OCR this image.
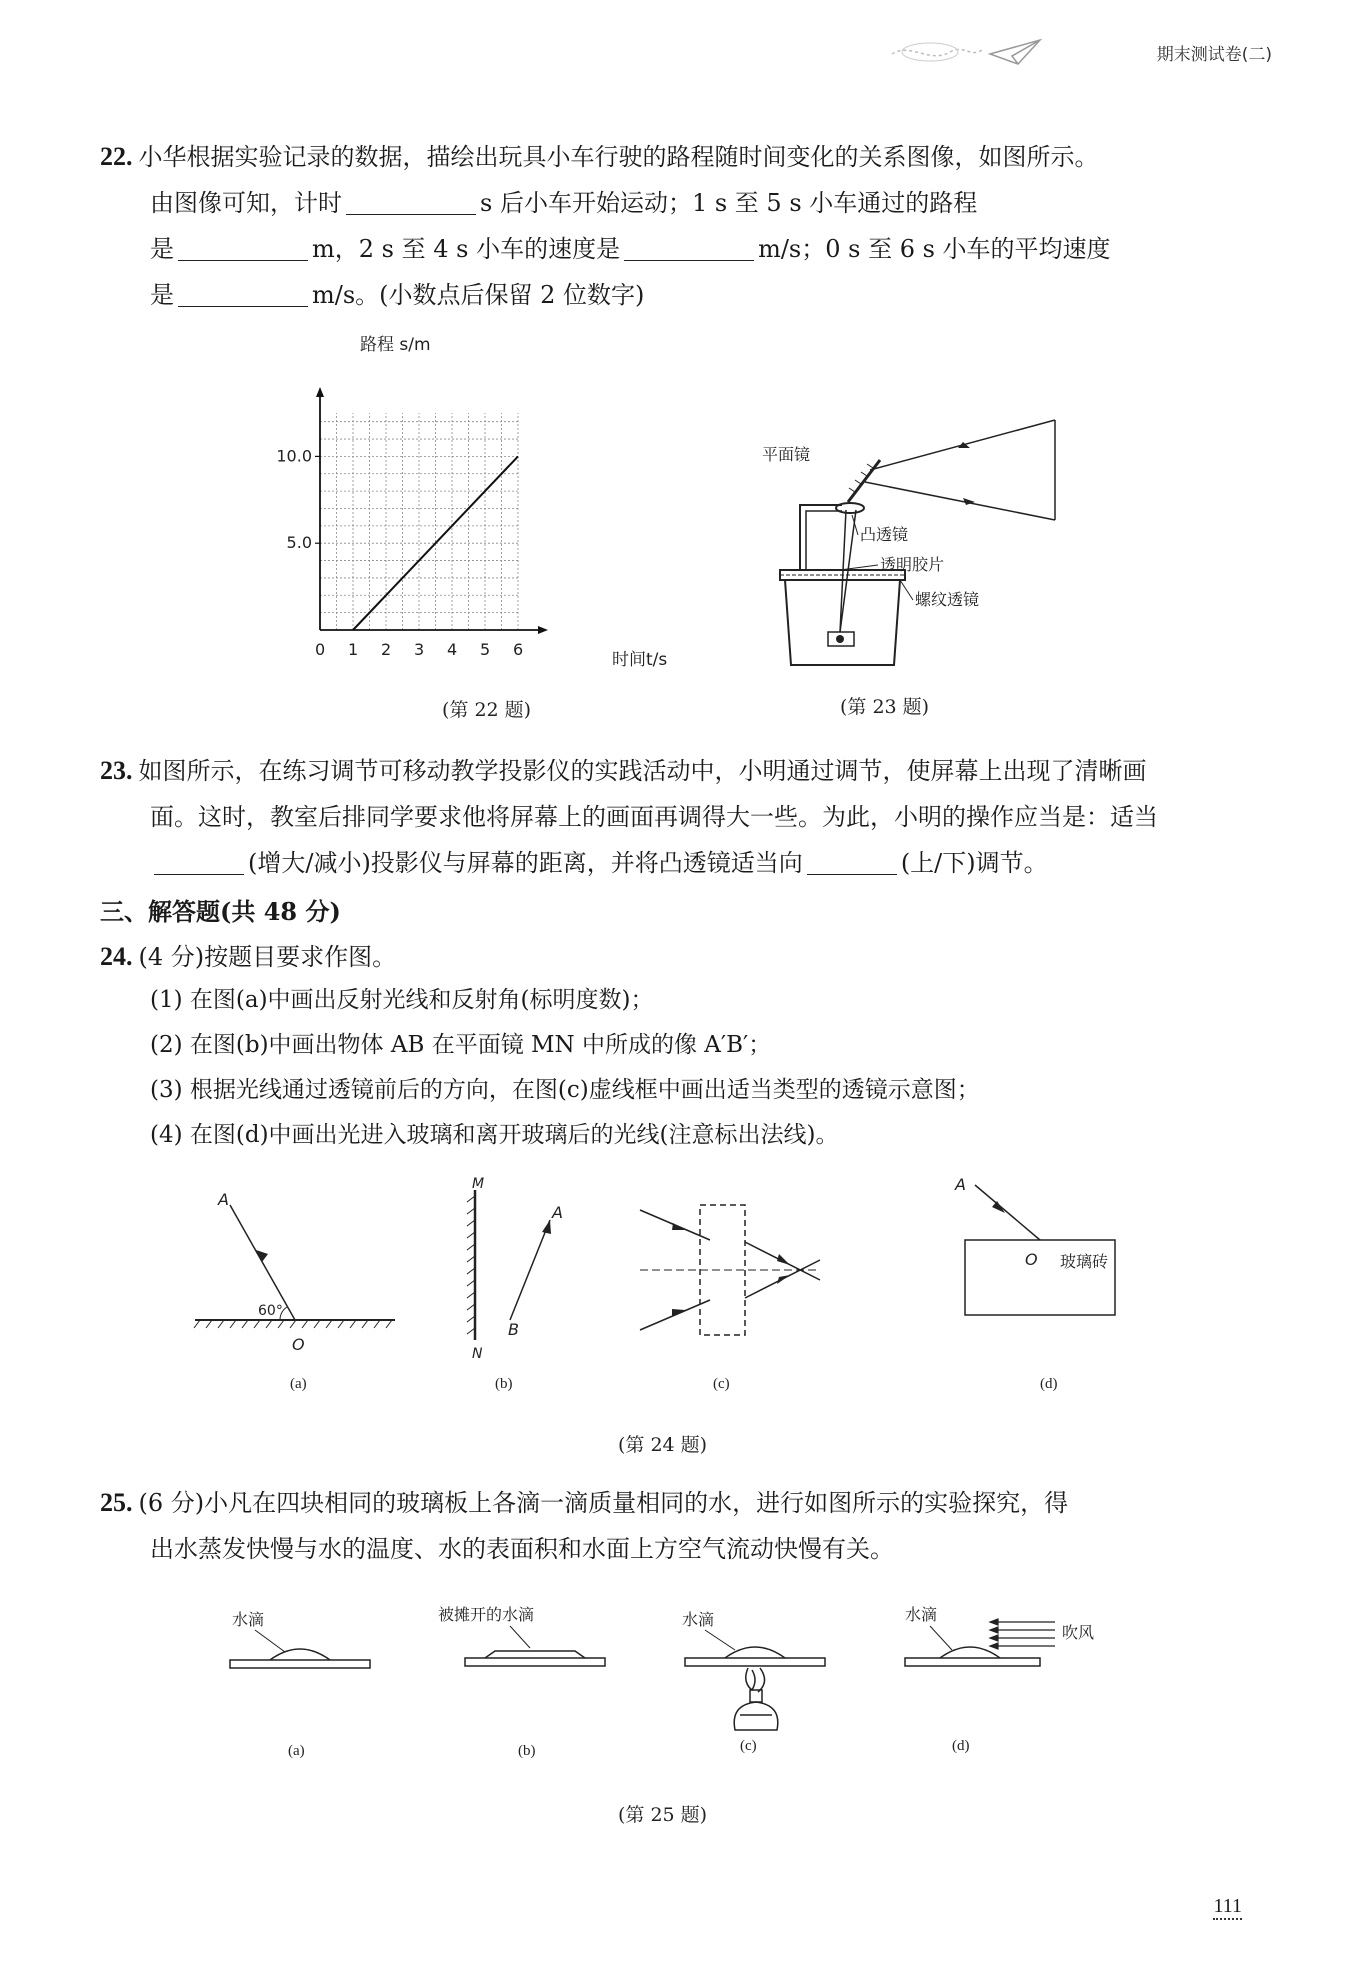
期末测试卷(二)
22. 小华根据实验记录的数据，描绘出玩具小车行驶的路程随时间变化的关系图像，如图所示。
由图像可知，计时	s 后小车开始运动；1 s 至 5 s 小车通过的路程
是	m，2 s 至 4 s 小车的速度是	m/s；0 s 至 6 s 小车的平均速度
是	m/s。(小数点后保留 2 位数字)
0 1 2 3 4 5 6
5.0
10.0
路程 s/m
时间t/s
(第 22 题)
平面镜
凸透镜
透明胶片
螺纹透镜
(第 23 题)
23. 如图所示，在练习调节可移动教学投影仪的实践活动中，小明通过调节，使屏幕上出现了清晰画
面。这时，教室后排同学要求他将屏幕上的画面再调得大一些。为此，小明的操作应当是：适当
(增大/减小)投影仪与屏幕的距离，并将凸透镜适当向	(上/下)调节。
三、解答题(共 48 分)
24. (4 分)按题目要求作图。
(1) 在图(a)中画出反射光线和反射角(标明度数)；
(2) 在图(b)中画出物体 AB 在平面镜 MN 中所成的像 A′B′；
(3) 根据光线通过透镜前后的方向，在图(c)虚线框中画出适当类型的透镜示意图；
(4) 在图(d)中画出光进入玻璃和离开玻璃后的光线(注意标出法线)。
A
O
60°
(a)
M
N
A
B
(b)	(c)
A
O 玻璃砖
(d)
(第 24 题)
25. (6 分)小凡在四块相同的玻璃板上各滴一滴质量相同的水，进行如图所示的实验探究，得
出水蒸发快慢与水的温度、水的表面积和水面上方空气流动快慢有关。
水滴
(a)
被摊开的水滴
(b)
水滴
(c)
水滴
吹风
(d)
(第 25 题)
111
